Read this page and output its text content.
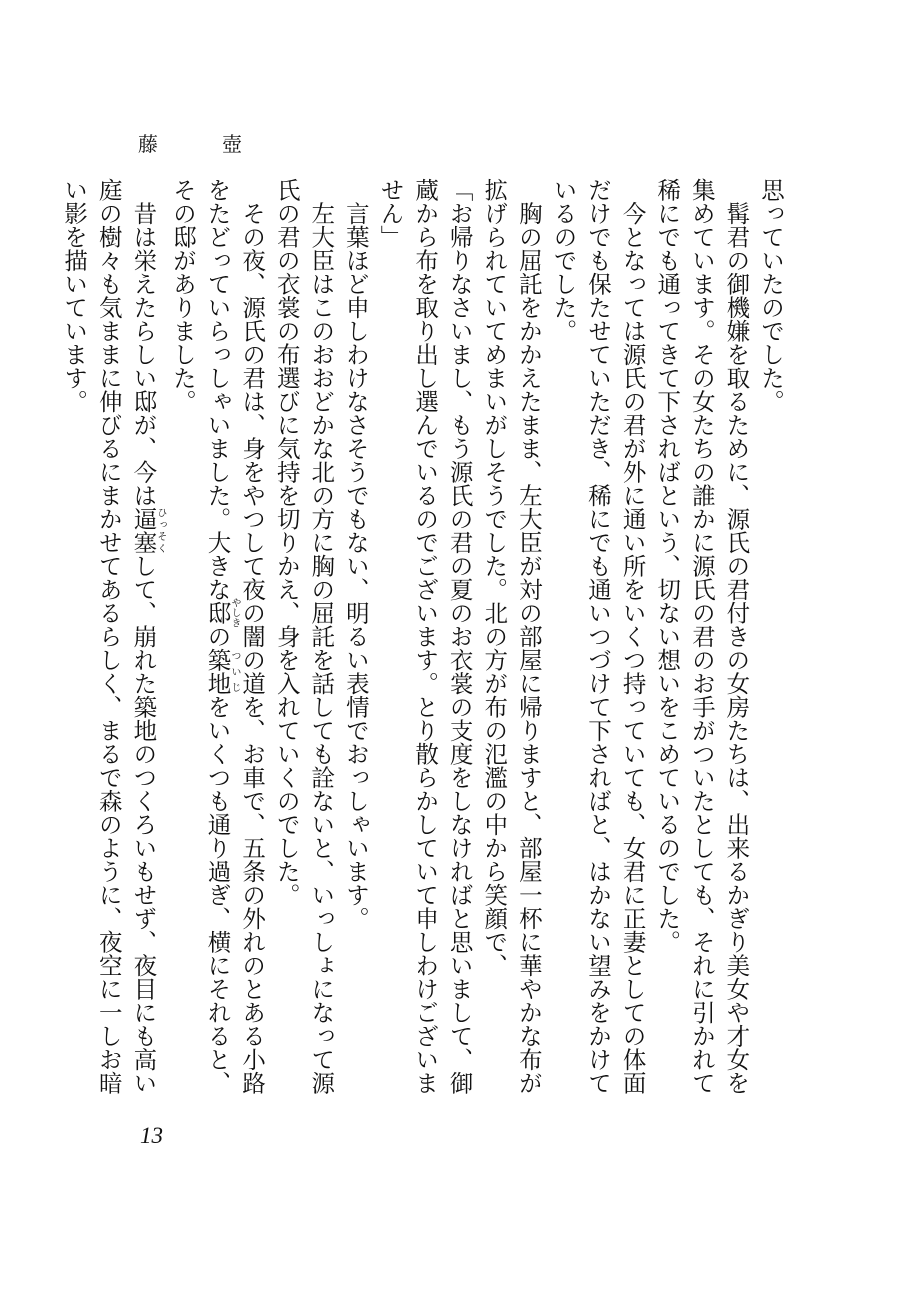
藤　壺

思っていたのでした。

　髯君の御機嫌を取るために、源氏の君付きの女房たちは、出来るかぎり美女や才女を集めています。その女たちの誰かに源氏の君のお手がついたとしても、それに引かれて稀にでも通ってきて下さればという、切ない想いをこめているのでした。

　今となっては源氏の君が外に通い所をいくつ持っていても、女君に正妻としての体面だけでも保たせていただき、稀にでも通いつづけて下さればと、はかない望みをかけているのでした。

　胸の屈託をかかえたまま、左大臣が対の部屋に帰りますと、部屋一杯に華やかな布が拡げられていてめまいがしそうでした。北の方が布の氾濫の中から笑顔で、

「お帰りなさいまし、もう源氏の君の夏のお衣裳の支度をしなければと思いまして、御蔵から布を取り出し選んでいるのでございます。とり散らかしていて申しわけございません」

　言葉ほど申しわけなさそうでもない、明るい表情でおっしゃいます。

　左大臣はこのおおどかな北の方に胸の屈託を話しても詮ないと、いっしょになって源氏の君の衣裳の布選びに気持を切りかえ、身を入れていくのでした。

　その夜、源氏の君は、身をやつして夜の闇の道を、お車で、五条の外れのとある小路をたどっていらっしゃいました。大きな邸やしきの築地ついじをいくつも通り過ぎ、横にそれると、その邸がありました。

　昔は栄えたらしい邸が、今は逼塞ひっそくして、崩れた築地のつくろいもせず、夜目にも高い庭の樹々も気ままに伸びるにまかせてあるらしく、まるで森のように、夜空に一しお暗い影を描いています。

13
